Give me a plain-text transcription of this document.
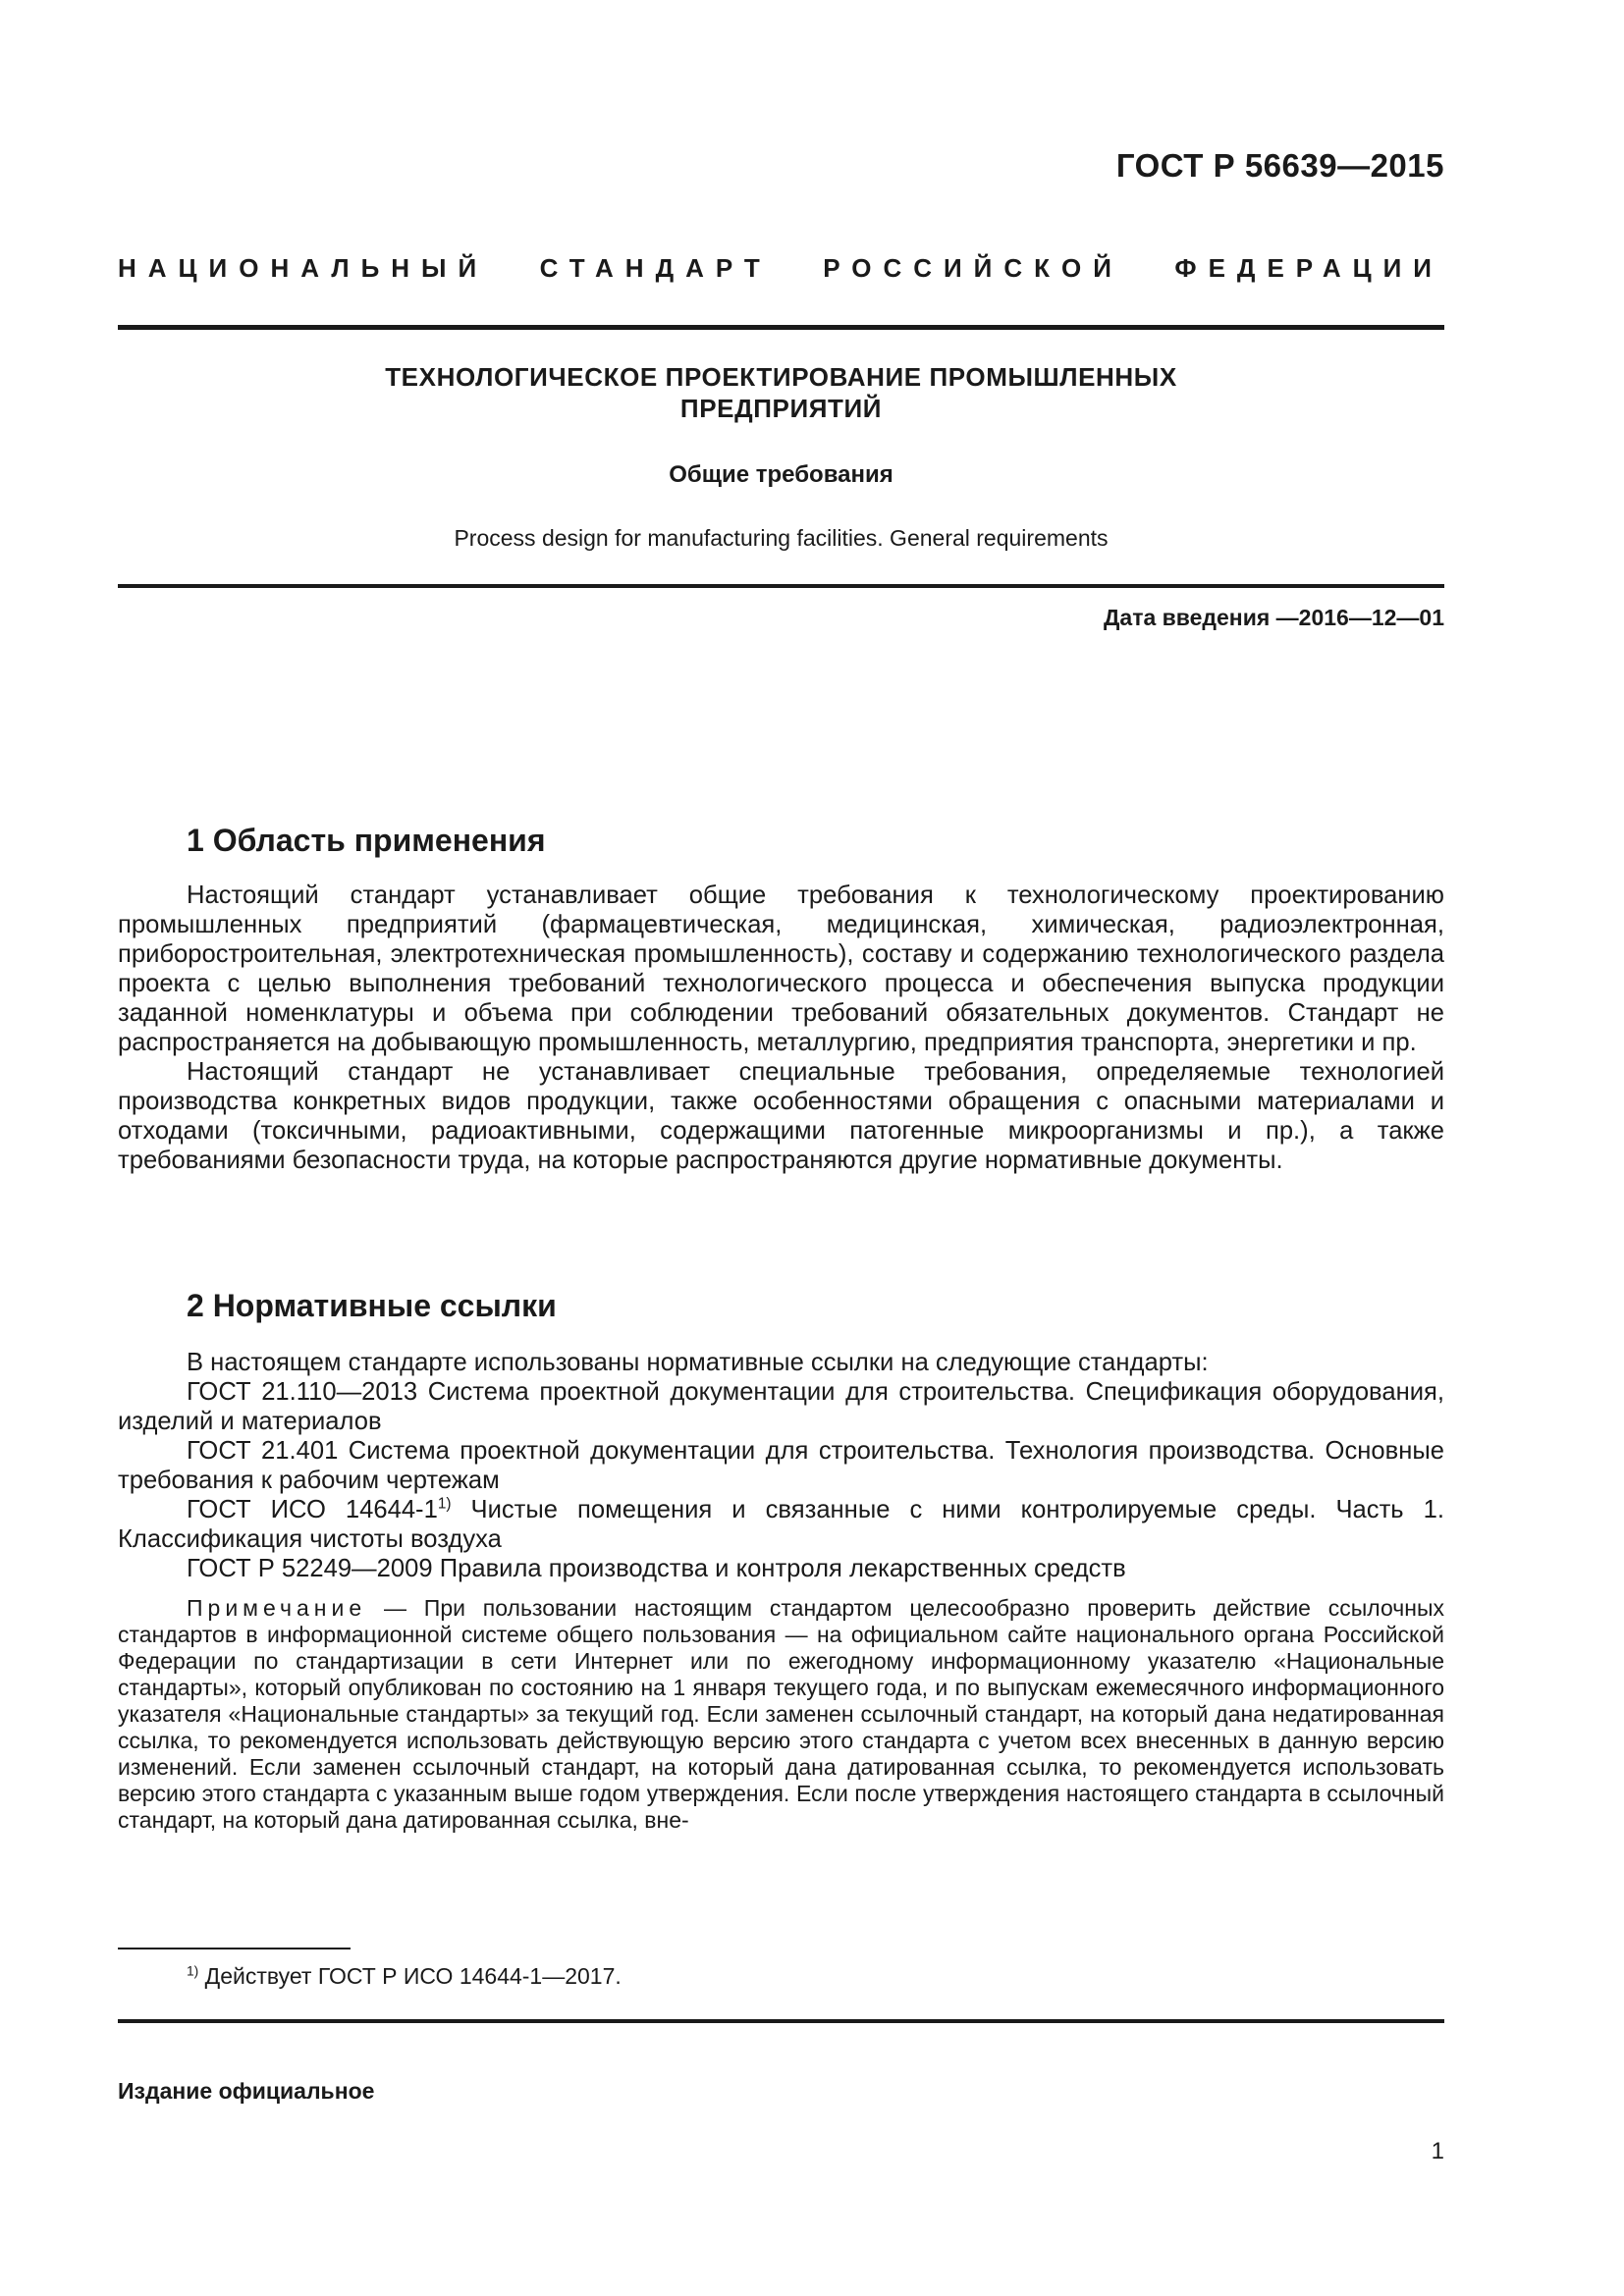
ГОСТ Р 56639—2015
НАЦИОНАЛЬНЫЙ СТАНДАРТ РОССИЙСКОЙ ФЕДЕРАЦИИ
ТЕХНОЛОГИЧЕСКОЕ ПРОЕКТИРОВАНИЕ ПРОМЫШЛЕННЫХ
ПРЕДПРИЯТИЙ
Общие требования
Process design for manufacturing facilities. General requirements
Дата введения —2016—12—01
1 Область применения

Настоящий стандарт устанавливает общие требования к технологическому проектированию промышленных предприятий (фармацевтическая, медицинская, химическая, радиоэлектронная, приборостроительная, электротехническая промышленность), составу и содержанию технологического раздела проекта с целью выполнения требований технологического процесса и обеспечения выпуска продукции заданной номенклатуры и объема при соблюдении требований обязательных документов. Стандарт не распространяется на добывающую промышленность, металлургию, предприятия транспорта, энергетики и пр.

Настоящий стандарт не устанавливает специальные требования, определяемые технологией производства конкретных видов продукции, также особенностями обращения с опасными материалами и отходами (токсичными, радиоактивными, содержащими патогенные микроорганизмы и пр.), а также требованиями безопасности труда, на которые распространяются другие нормативные документы.

2 Нормативные ссылки

В настоящем стандарте использованы нормативные ссылки на следующие стандарты:

ГОСТ 21.110—2013 Система проектной документации для строительства. Спецификация оборудования, изделий и материалов

ГОСТ 21.401 Система проектной документации для строительства. Технология производства. Основные требования к рабочим чертежам

ГОСТ ИСО 14644-1$^{1)}$ Чистые помещения и связанные с ними контролируемые среды. Часть 1. Классификация чистоты воздуха

ГОСТ Р 52249—2009 Правила производства и контроля лекарственных средств

Примечание — При пользовании настоящим стандартом целесообразно проверить действие ссылочных стандартов в информационной системе общего пользования — на официальном сайте национального органа Российской Федерации по стандартизации в сети Интернет или по ежегодному информационному указателю «Национальные стандарты», который опубликован по состоянию на 1 января текущего года, и по выпускам ежемесячного информационного указателя «Национальные стандарты» за текущий год. Если заменен ссылочный стандарт, на который дана недатированная ссылка, то рекомендуется использовать действующую версию этого стандарта с учетом всех внесенных в данную версию изменений. Если заменен ссылочный стандарт, на который дана датированная ссылка, то рекомендуется использовать версию этого стандарта с указанным выше годом утверждения. Если после утверждения настоящего стандарта в ссылочный стандарт, на который дана датированная ссылка, вне-

$^{1)}$ Действует ГОСТ Р ИСО 14644-1—2017.
Издание официальное
1
